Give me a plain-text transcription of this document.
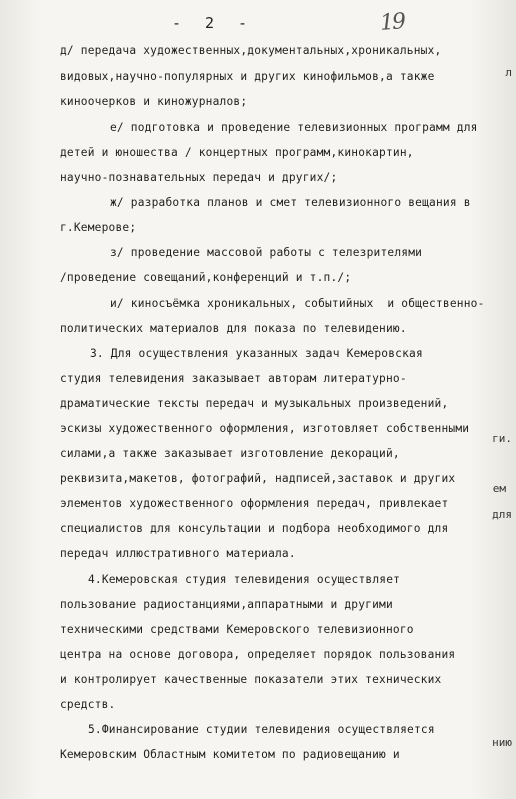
- 2 -	19
л
ги.
ем
для
нию
д/ передача художественных,документальных,хроникальных,
видовых,научно-популярных и других кинофильмов,а также
киноочерков и киножурналов;
е/ подготовка и проведение телевизионных программ для
детей и юношества / концертных программ,кинокартин,
научно-познавательных передач и других/;
ж/ разработка планов и смет телевизионного вещания в
г.Кемерове;
з/ проведение массовой работы с телезрителями
/проведение совещаний,конференций и т.п./;
и/ киносъёмка хроникальных, событийных  и общественно-
политических материалов для показа по телевидению.
3. Для осуществления указанных задач Кемеровская
студия телевидения заказывает авторам литературно-
драматические тексты передач и музыкальных произведений,
эскизы художественного оформления, изготовляет собственными
силами,а также заказывает изготовление декораций,
реквизита,макетов, фотографий, надписей,заставок и других
элементов художественного оформления передач, привлекает
специалистов для консультации и подбора необходимого для
передач иллюстративного материала.
4.Кемеровская студия телевидения осуществляет
пользование радиостанциями,аппаратными и другими
техническими средствами Кемеровского телевизионного
центра на основе договора, определяет порядок пользования
и контролирует качественные показатели этих технических
средств.
5.Финансирование студии телевидения осуществляется
Кемеровским Областным комитетом по радиовещанию и
